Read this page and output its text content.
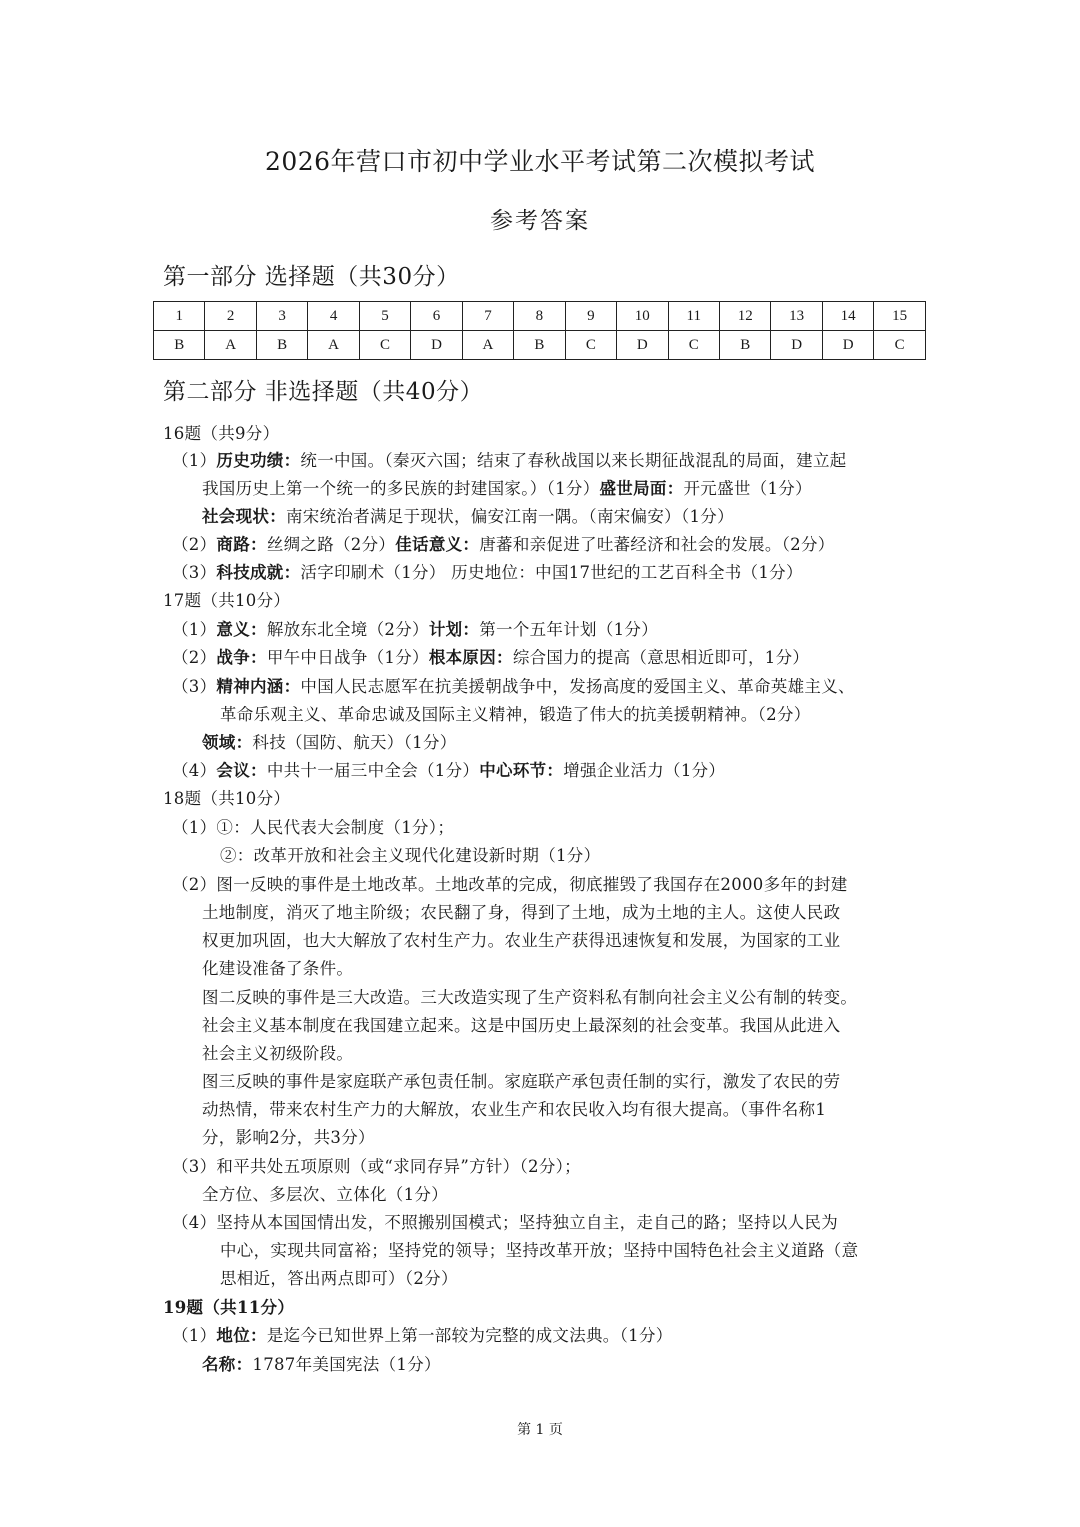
2026年营口市初中学业水平考试第二次模拟考试
参考答案
第一部分 选择题（共30分）
1	2	3	4	5	6	7	8	9	10	11	12	13	14	15
B	A	B	A	C	D	A	B	C	D	C	B	D	D	C
第二部分 非选择题（共40分）
16题（共9分）
（1）历史功绩：统一中国。（秦灭六国；结束了春秋战国以来长期征战混乱的局面，建立起
我国历史上第一个统一的多民族的封建国家。）（1分）盛世局面：开元盛世（1分）
社会现状：南宋统治者满足于现状，偏安江南一隅。（南宋偏安）（1分）
（2）商路：丝绸之路（2分）佳话意义：唐蕃和亲促进了吐蕃经济和社会的发展。（2分）
（3）科技成就：活字印刷术（1分） 历史地位：中国17世纪的工艺百科全书（1分）
17题（共10分）
（1）意义：解放东北全境（2分）计划：第一个五年计划（1分）
（2）战争：甲午中日战争（1分）根本原因：综合国力的提高（意思相近即可，1分）
（3）精神内涵：中国人民志愿军在抗美援朝战争中，发扬高度的爱国主义、革命英雄主义、
革命乐观主义、革命忠诚及国际主义精神，锻造了伟大的抗美援朝精神。（2分）
领域：科技（国防、航天）（1分）
（4）会议：中共十一届三中全会（1分）中心环节：增强企业活力（1分）
18题（共10分）
（1）①：人民代表大会制度（1分）；
②：改革开放和社会主义现代化建设新时期（1分）
（2）图一反映的事件是土地改革。土地改革的完成，彻底摧毁了我国存在2000多年的封建
土地制度，消灭了地主阶级；农民翻了身，得到了土地，成为土地的主人。这使人民政
权更加巩固，也大大解放了农村生产力。农业生产获得迅速恢复和发展，为国家的工业
化建设准备了条件。
图二反映的事件是三大改造。三大改造实现了生产资料私有制向社会主义公有制的转变。
社会主义基本制度在我国建立起来。这是中国历史上最深刻的社会变革。我国从此进入
社会主义初级阶段。
图三反映的事件是家庭联产承包责任制。家庭联产承包责任制的实行，激发了农民的劳
动热情，带来农村生产力的大解放，农业生产和农民收入均有很大提高。（事件名称1
分，影响2分，共3分）
（3）和平共处五项原则（或“求同存异”方针）（2分）；
全方位、多层次、立体化（1分）
（4）坚持从本国国情出发，不照搬别国模式；坚持独立自主，走自己的路；坚持以人民为
中心，实现共同富裕；坚持党的领导；坚持改革开放；坚持中国特色社会主义道路（意
思相近，答出两点即可）（2分）
19题（共11分）
（1）地位：是迄今已知世界上第一部较为完整的成文法典。（1分）
名称：1787年美国宪法（1分）
第 1 页
